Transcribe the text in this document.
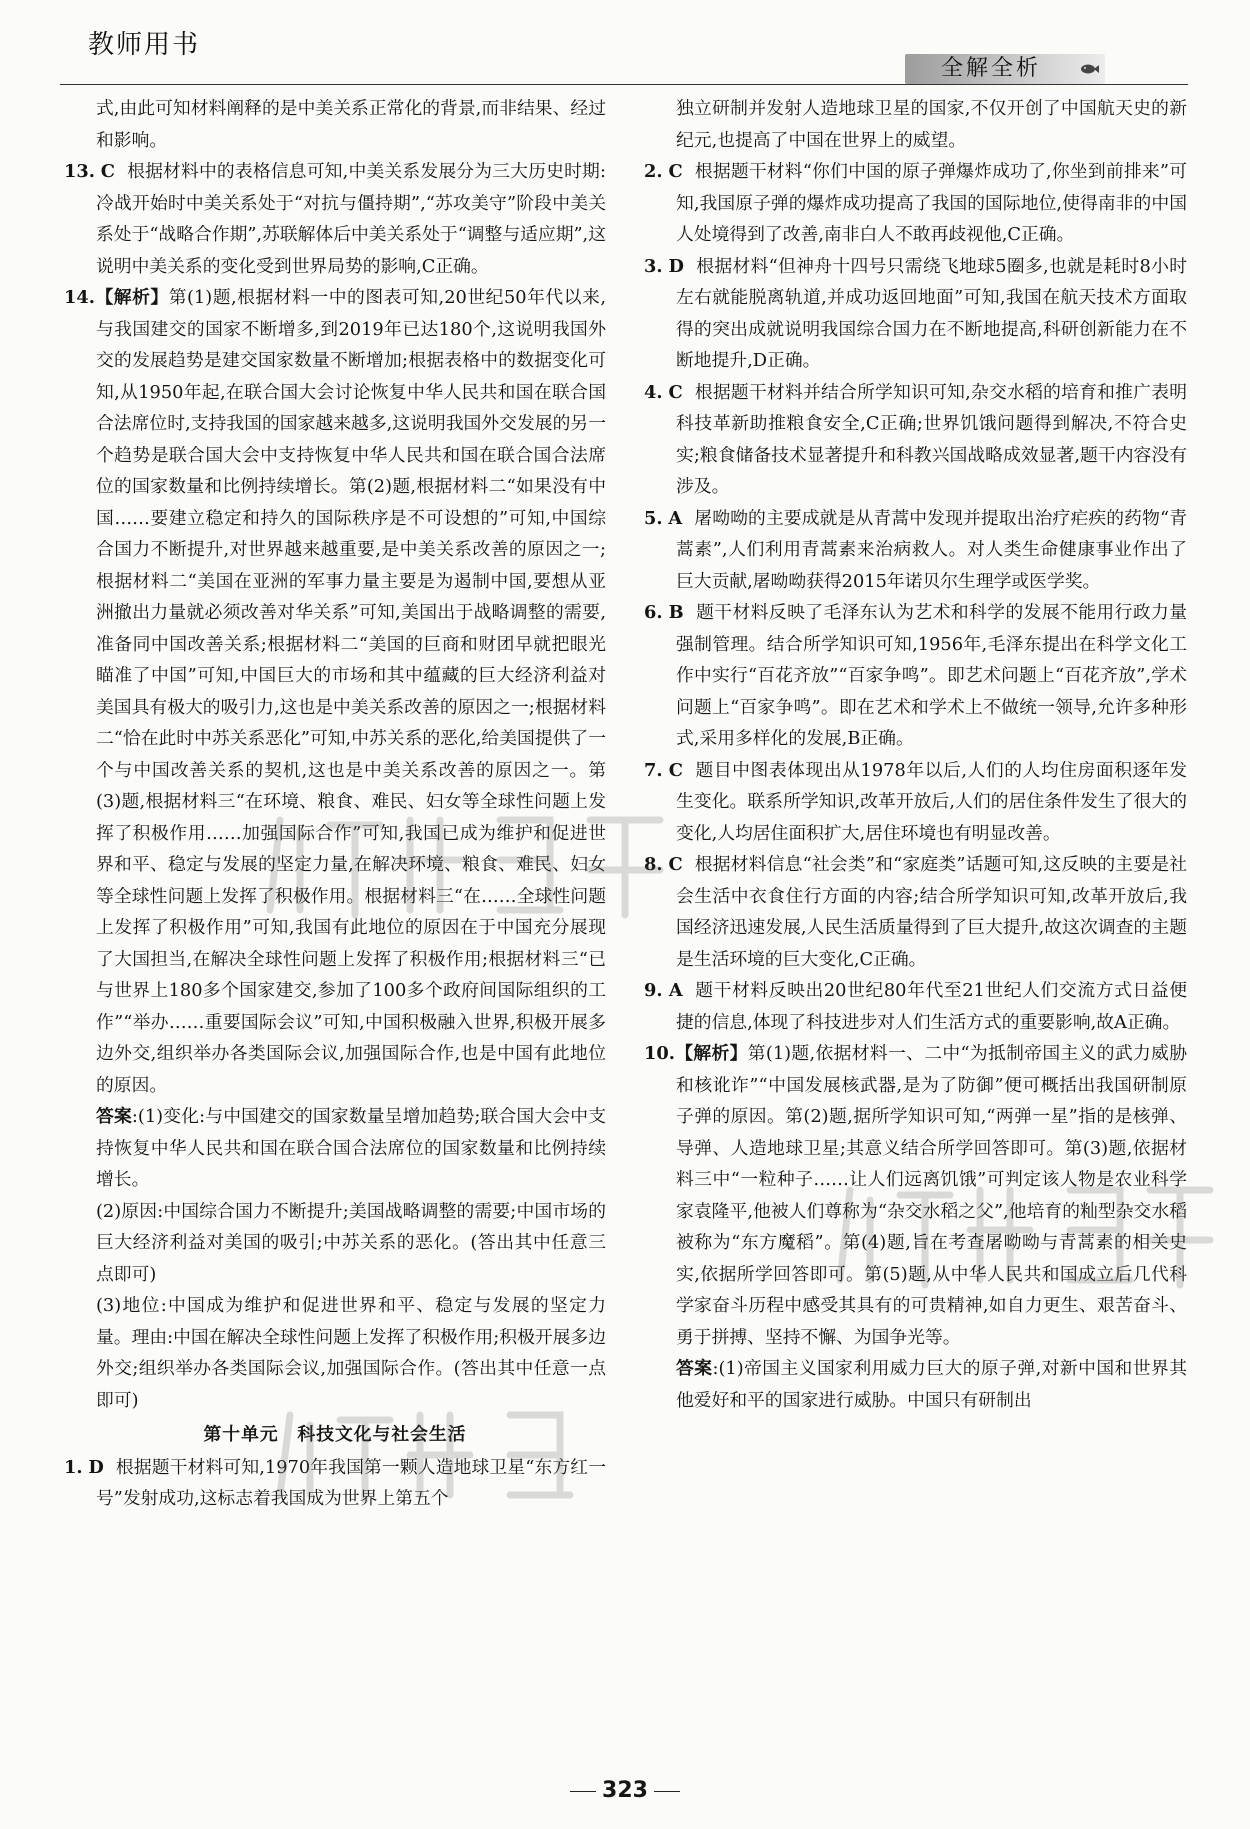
教师用书
全解全析

式,由此可知材料阐释的是中美关系正常化的背景,而非结果、经过和影响。

13. C 根据材料中的表格信息可知,中美关系发展分为三大历史时期:冷战开始时中美关系处于“对抗与僵持期”,“苏攻美守”阶段中美关系处于“战略合作期”,苏联解体后中美关系处于“调整与适应期”,这说明中美关系的变化受到世界局势的影响,C正确。

14.【解析】第(1)题,根据材料一中的图表可知,20世纪50年代以来,与我国建交的国家不断增多,到2019年已达180个,这说明我国外交的发展趋势是建交国家数量不断增加;根据表格中的数据变化可知,从1950年起,在联合国大会讨论恢复中华人民共和国在联合国合法席位时,支持我国的国家越来越多,这说明我国外交发展的另一个趋势是联合国大会中支持恢复中华人民共和国在联合国合法席位的国家数量和比例持续增长。第(2)题,根据材料二“如果没有中国……要建立稳定和持久的国际秩序是不可设想的”可知,中国综合国力不断提升,对世界越来越重要,是中美关系改善的原因之一;根据材料二“美国在亚洲的军事力量主要是为遏制中国,要想从亚洲撤出力量就必须改善对华关系”可知,美国出于战略调整的需要,准备同中国改善关系;根据材料二“美国的巨商和财团早就把眼光瞄准了中国”可知,中国巨大的市场和其中蕴藏的巨大经济利益对美国具有极大的吸引力,这也是中美关系改善的原因之一;根据材料二“恰在此时中苏关系恶化”可知,中苏关系的恶化,给美国提供了一个与中国改善关系的契机,这也是中美关系改善的原因之一。第(3)题,根据材料三“在环境、粮食、难民、妇女等全球性问题上发挥了积极作用……加强国际合作”可知,我国已成为维护和促进世界和平、稳定与发展的坚定力量,在解决环境、粮食、难民、妇女等全球性问题上发挥了积极作用。根据材料三“在……全球性问题上发挥了积极作用”可知,我国有此地位的原因在于中国充分展现了大国担当,在解决全球性问题上发挥了积极作用;根据材料三“已与世界上180多个国家建交,参加了100多个政府间国际组织的工作”“举办……重要国际会议”可知,中国积极融入世界,积极开展多边外交,组织举办各类国际会议,加强国际合作,也是中国有此地位的原因。

答案:(1)变化:与中国建交的国家数量呈增加趋势;联合国大会中支持恢复中华人民共和国在联合国合法席位的国家数量和比例持续增长。

(2)原因:中国综合国力不断提升;美国战略调整的需要;中国市场的巨大经济利益对美国的吸引;中苏关系的恶化。(答出其中任意三点即可)

(3)地位:中国成为维护和促进世界和平、稳定与发展的坚定力量。理由:中国在解决全球性问题上发挥了积极作用;积极开展多边外交;组织举办各类国际会议,加强国际合作。(答出其中任意一点即可)

第十单元　科技文化与社会生活

1. D 根据题干材料可知,1970年我国第一颗人造地球卫星“东方红一号”发射成功,这标志着我国成为世界上第五个

独立研制并发射人造地球卫星的国家,不仅开创了中国航天史的新纪元,也提高了中国在世界上的威望。

2. C 根据题干材料“你们中国的原子弹爆炸成功了,你坐到前排来”可知,我国原子弹的爆炸成功提高了我国的国际地位,使得南非的中国人处境得到了改善,南非白人不敢再歧视他,C正确。

3. D 根据材料“但神舟十四号只需绕飞地球5圈多,也就是耗时8小时左右就能脱离轨道,并成功返回地面”可知,我国在航天技术方面取得的突出成就说明我国综合国力在不断地提高,科研创新能力在不断地提升,D正确。

4. C 根据题干材料并结合所学知识可知,杂交水稻的培育和推广表明科技革新助推粮食安全,C正确;世界饥饿问题得到解决,不符合史实;粮食储备技术显著提升和科教兴国战略成效显著,题干内容没有涉及。

5. A 屠呦呦的主要成就是从青蒿中发现并提取出治疗疟疾的药物“青蒿素”,人们利用青蒿素来治病救人。对人类生命健康事业作出了巨大贡献,屠呦呦获得2015年诺贝尔生理学或医学奖。

6. B 题干材料反映了毛泽东认为艺术和科学的发展不能用行政力量强制管理。结合所学知识可知,1956年,毛泽东提出在科学文化工作中实行“百花齐放”“百家争鸣”。即艺术问题上“百花齐放”,学术问题上“百家争鸣”。即在艺术和学术上不做统一领导,允许多种形式,采用多样化的发展,B正确。

7. C 题目中图表体现出从1978年以后,人们的人均住房面积逐年发生变化。联系所学知识,改革开放后,人们的居住条件发生了很大的变化,人均居住面积扩大,居住环境也有明显改善。

8. C 根据材料信息“社会类”和“家庭类”话题可知,这反映的主要是社会生活中衣食住行方面的内容;结合所学知识可知,改革开放后,我国经济迅速发展,人民生活质量得到了巨大提升,故这次调查的主题是生活环境的巨大变化,C正确。

9. A 题干材料反映出20世纪80年代至21世纪人们交流方式日益便捷的信息,体现了科技进步对人们生活方式的重要影响,故A正确。

10.【解析】第(1)题,依据材料一、二中“为抵制帝国主义的武力威胁和核讹诈”“中国发展核武器,是为了防御”便可概括出我国研制原子弹的原因。第(2)题,据所学知识可知,“两弹一星”指的是核弹、导弹、人造地球卫星;其意义结合所学回答即可。第(3)题,依据材料三中“一粒种子……让人们远离饥饿”可判定该人物是农业科学家袁隆平,他被人们尊称为“杂交水稻之父”,他培育的籼型杂交水稻被称为“东方魔稻”。第(4)题,旨在考查屠呦呦与青蒿素的相关史实,依据所学回答即可。第(5)题,从中华人民共和国成立后几代科学家奋斗历程中感受其具有的可贵精神,如自力更生、艰苦奋斗、勇于拼搏、坚持不懈、为国争光等。

答案:(1)帝国主义国家利用威力巨大的原子弹,对新中国和世界其他爱好和平的国家进行威胁。中国只有研制出

323
